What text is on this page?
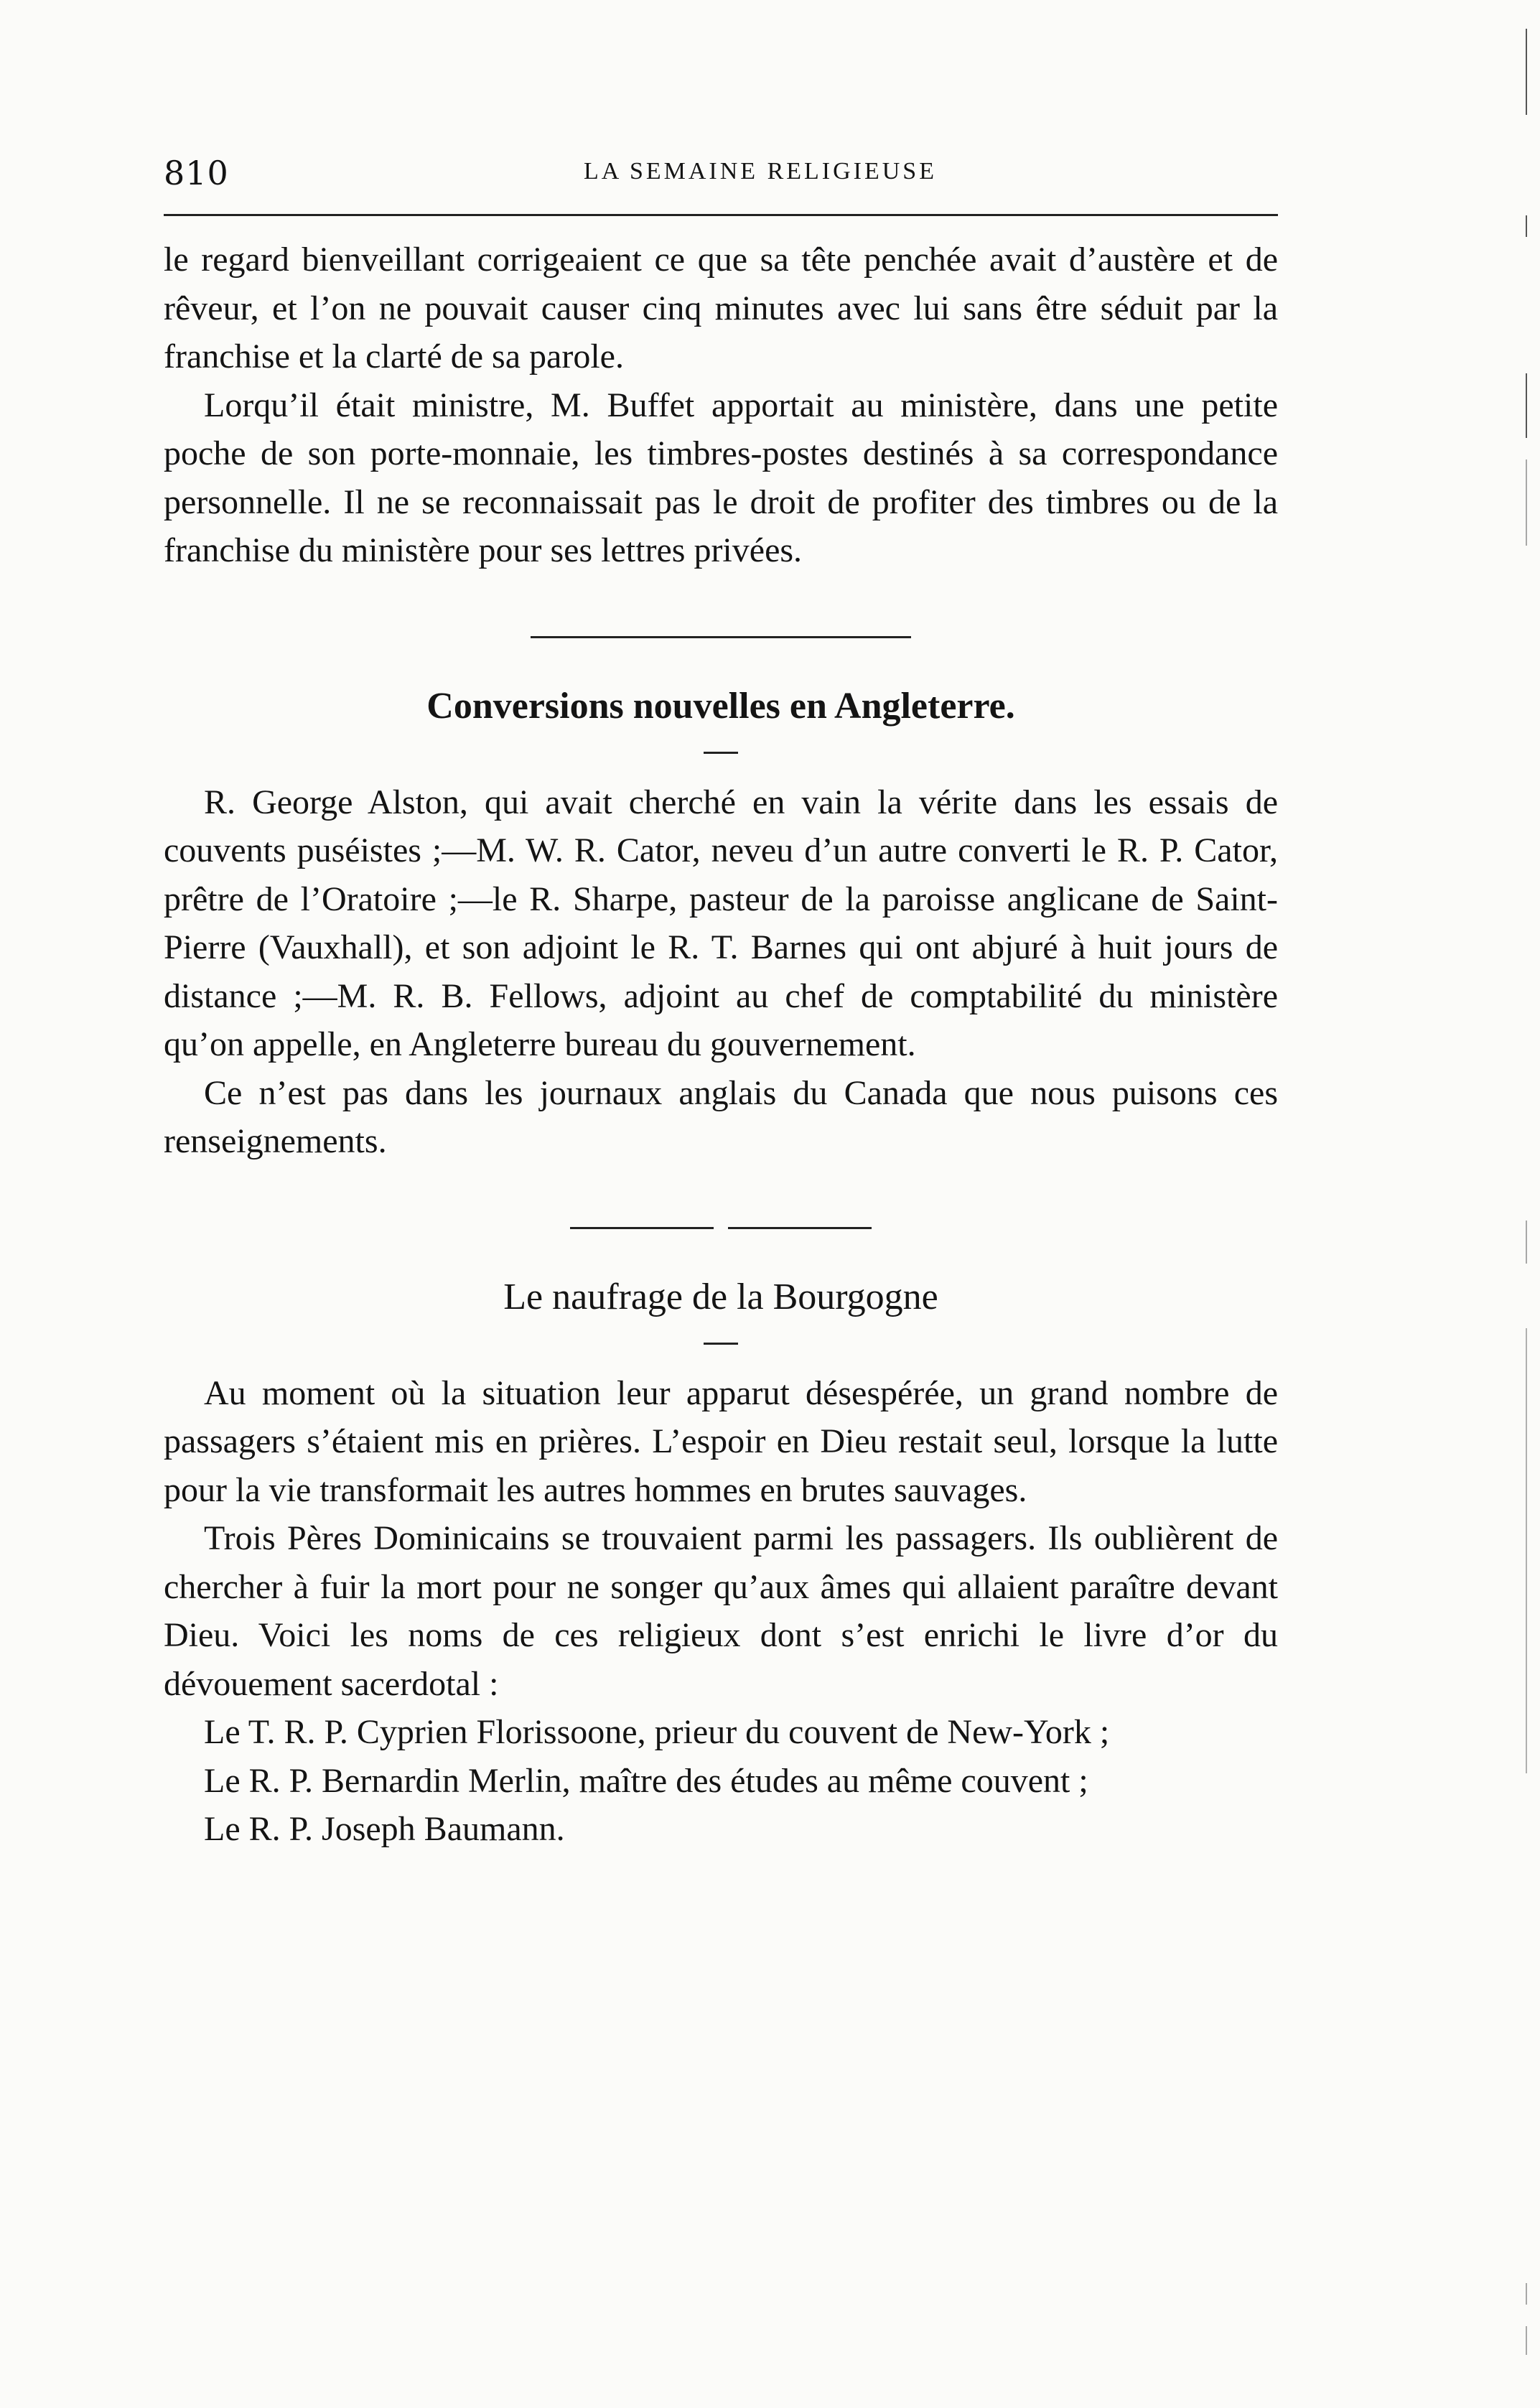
810	LA SEMAINE RELIGIEUSE

le regard bienveillant corrigeaient ce que sa tête penchée avait d’austère et de rêveur, et l’on ne pouvait causer cinq minutes avec lui sans être séduit par la franchise et la clarté de sa parole.

Lorqu’il était ministre, M. Buffet apportait au ministère, dans une petite poche de son porte-monnaie, les timbres-postes destinés à sa correspondance personnelle. Il ne se reconnaissait pas le droit de profiter des timbres ou de la franchise du ministère pour ses lettres privées.

Conversions nouvelles en Angleterre.

R. George Alston, qui avait cherché en vain la vérite dans les essais de couvents puséistes ;—M. W. R. Cator, neveu d’un autre converti le R. P. Cator, prêtre de l’Oratoire ;—le R. Sharpe, pasteur de la paroisse anglicane de Saint-Pierre (Vauxhall), et son adjoint le R. T. Barnes qui ont abjuré à huit jours de distance ;—M. R. B. Fellows, adjoint au chef de comptabilité du ministère qu’on appelle, en Angleterre bureau du gouvernement.

Ce n’est pas dans les journaux anglais du Canada que nous puisons ces renseignements.

Le naufrage de la Bourgogne

Au moment où la situation leur apparut désespérée, un grand nombre de passagers s’étaient mis en prières. L’espoir en Dieu restait seul, lorsque la lutte pour la vie transformait les autres hommes en brutes sauvages.

Trois Pères Dominicains se trouvaient parmi les passagers. Ils oublièrent de chercher à fuir la mort pour ne songer qu’aux âmes qui allaient paraître devant Dieu. Voici les noms de ces religieux dont s’est enrichi le livre d’or du dévouement sacerdotal :

Le T. R. P. Cyprien Florissoone, prieur du couvent de New-York ;

Le R. P. Bernardin Merlin, maître des études au même couvent ;

Le R. P. Joseph Baumann.
